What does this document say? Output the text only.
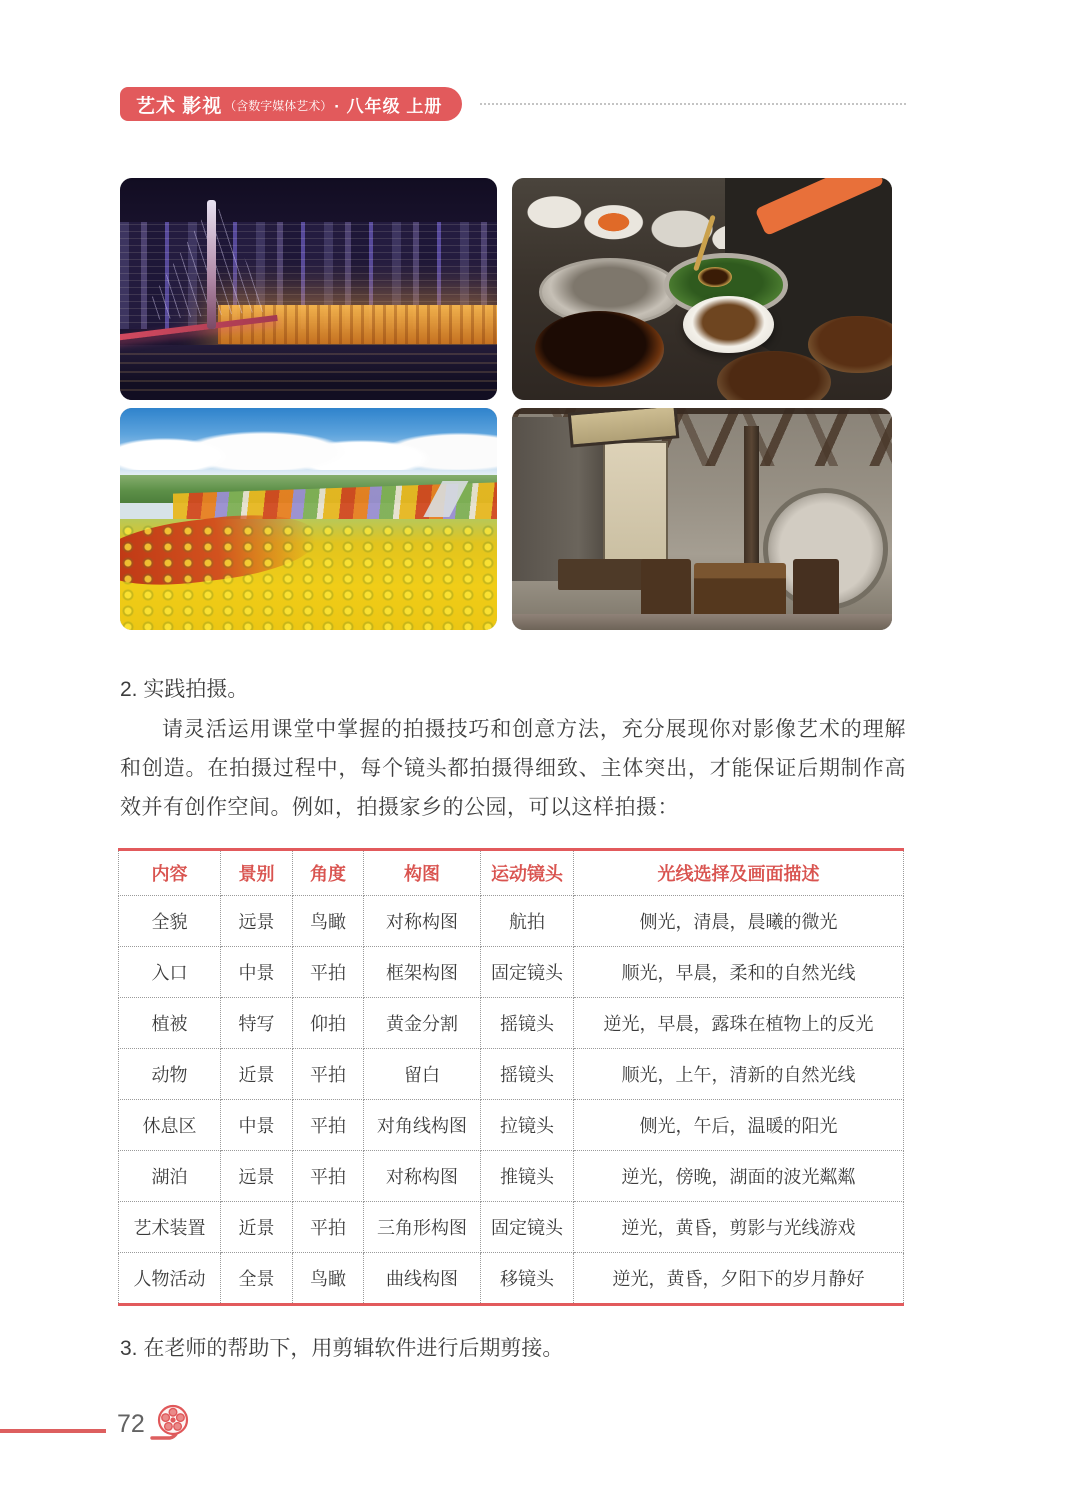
艺术 影视 （含数字媒体艺术） · 八年级 上册
2. 实践拍摄。

请灵活运用课堂中掌握的拍摄技巧和创意方法，充分展现你对影像艺术的理解和创造。在拍摄过程中，每个镜头都拍摄得细致、主体突出，才能保证后期制作高效并有创作空间。例如，拍摄家乡的公园，可以这样拍摄：

内容	景别	角度	构图	运动镜头	光线选择及画面描述
全貌	远景	鸟瞰	对称构图	航拍	侧光，清晨，晨曦的微光
入口	中景	平拍	框架构图	固定镜头	顺光，早晨，柔和的自然光线
植被	特写	仰拍	黄金分割	摇镜头	逆光，早晨，露珠在植物上的反光
动物	近景	平拍	留白	摇镜头	顺光，上午，清新的自然光线
休息区	中景	平拍	对角线构图	拉镜头	侧光，午后，温暖的阳光
湖泊	远景	平拍	对称构图	推镜头	逆光，傍晚，湖面的波光粼粼
艺术装置	近景	平拍	三角形构图	固定镜头	逆光，黄昏，剪影与光线游戏
人物活动	全景	鸟瞰	曲线构图	移镜头	逆光，黄昏，夕阳下的岁月静好
3. 在老师的帮助下，用剪辑软件进行后期剪接。
72
